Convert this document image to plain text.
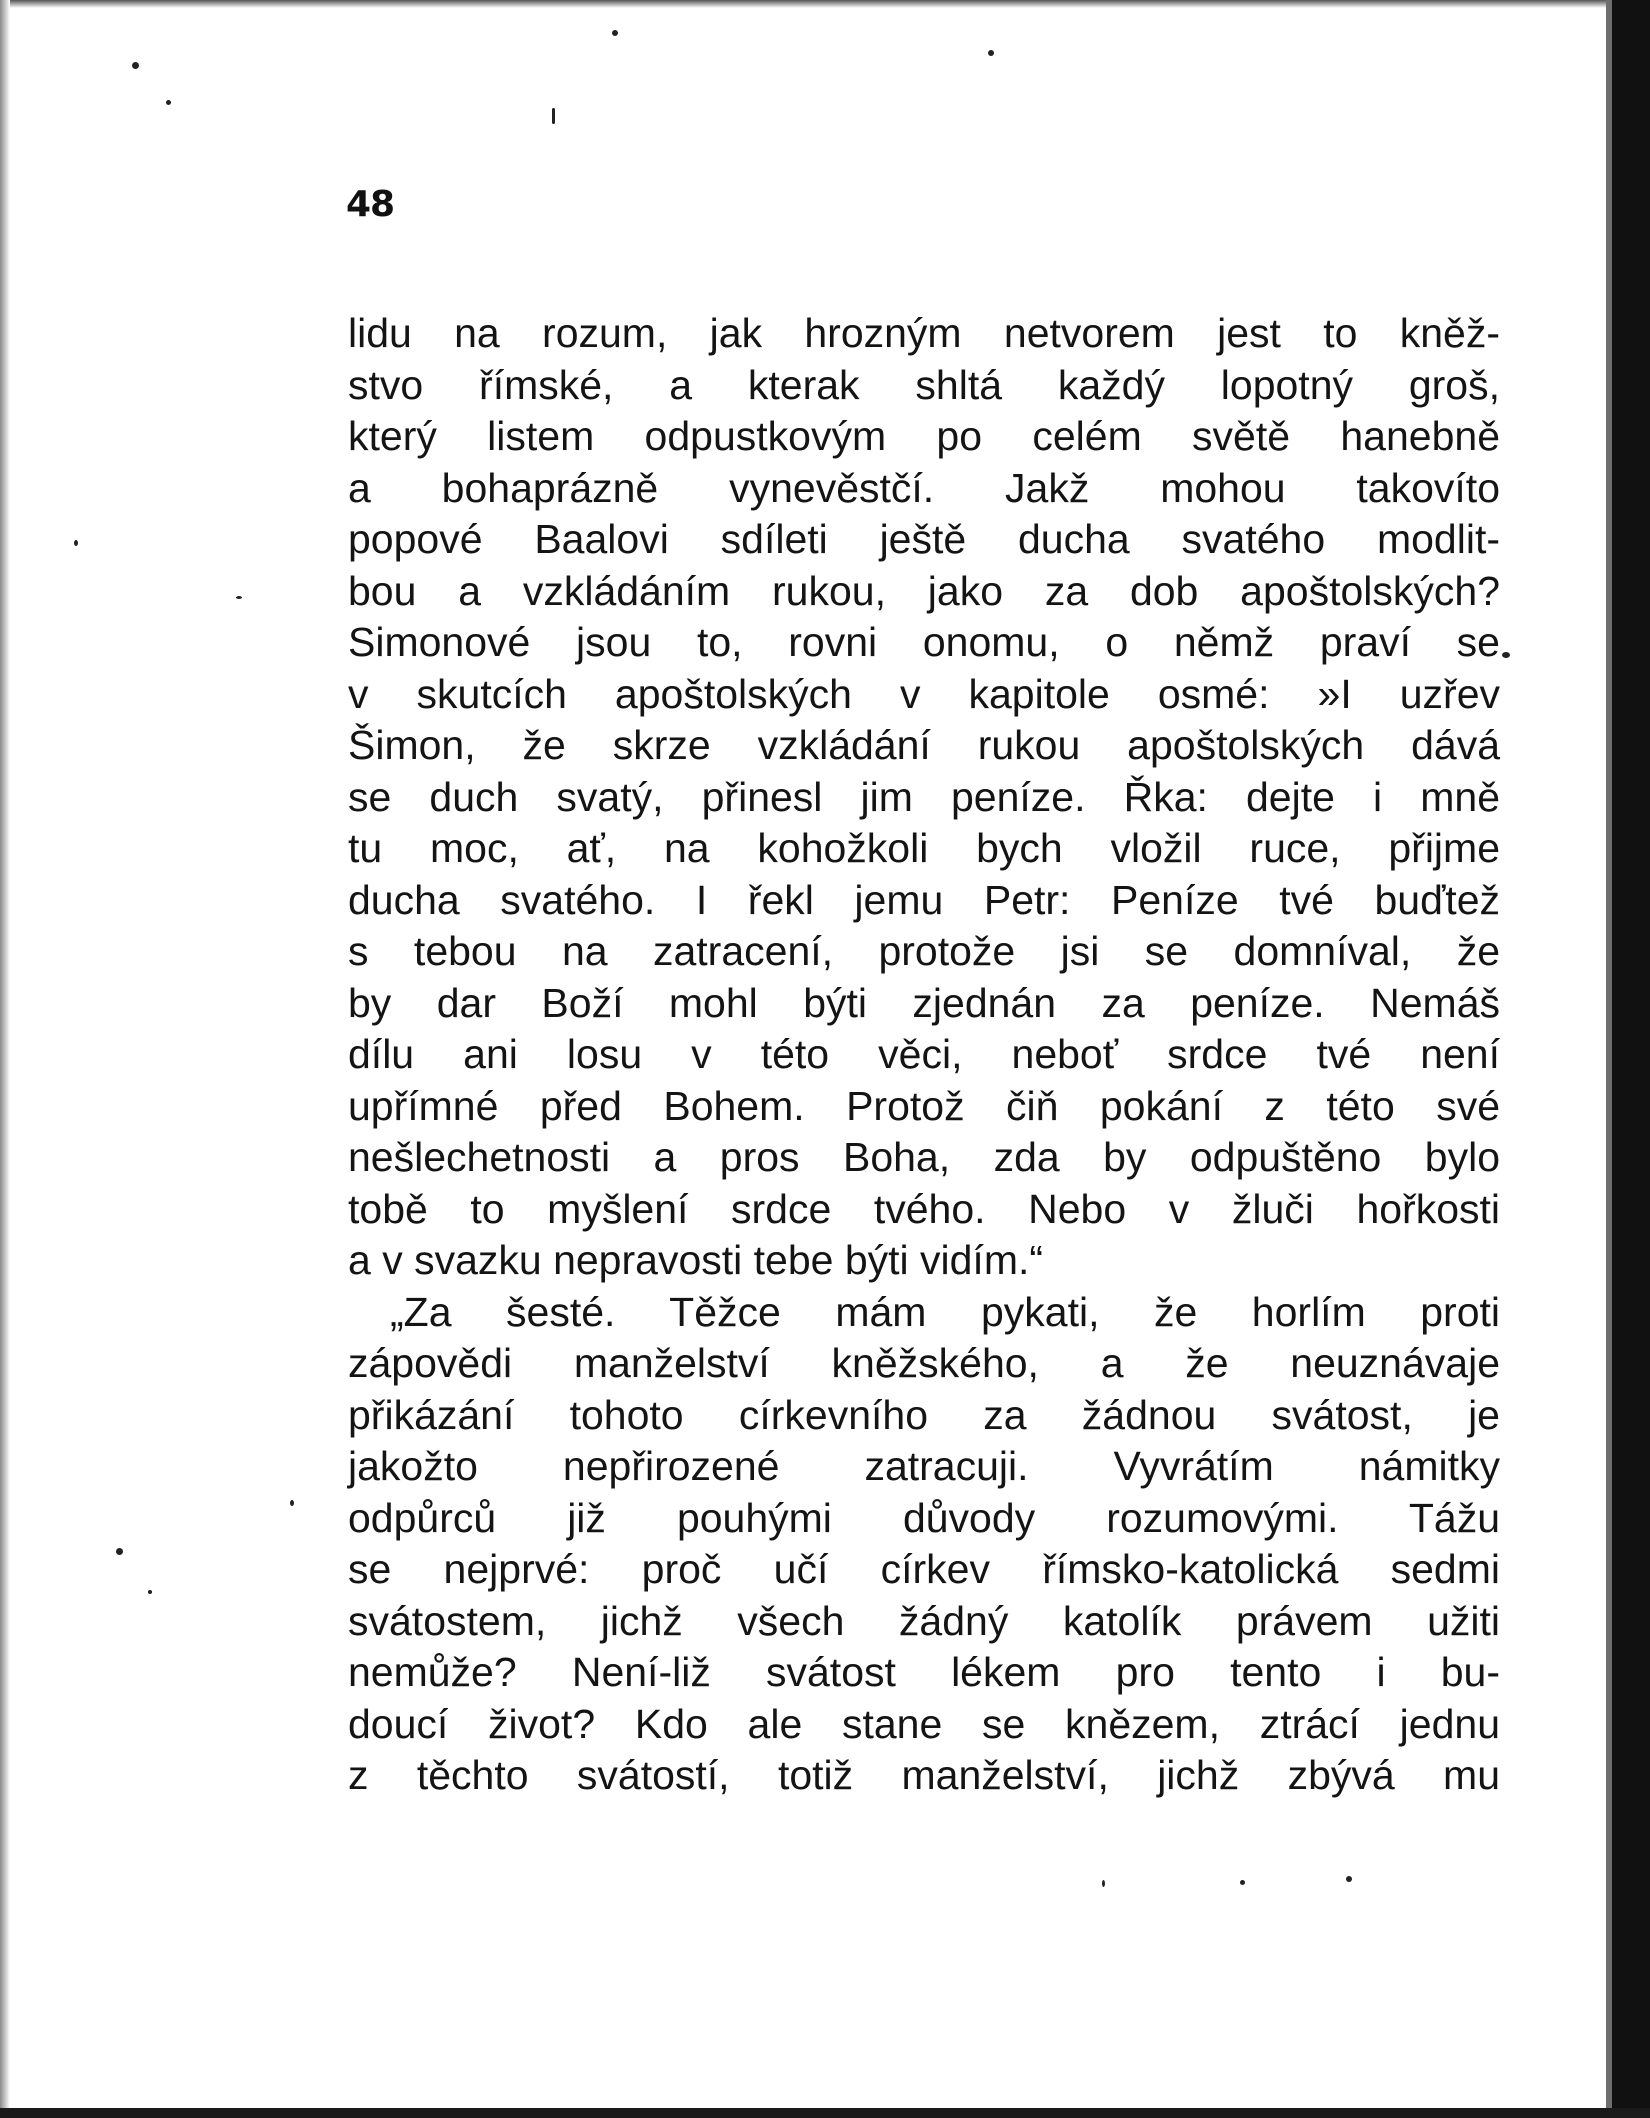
48
lidu na rozum, jak hrozným netvorem jest to kněž-
stvo římské, a kterak shltá každý lopotný groš,
který listem odpustkovým po celém světě hanebně
a bohaprázně vynevěstčí. Jakž mohou takovíto
popové Baalovi sdíleti ještě ducha svatého modlit-
bou a vzkládáním rukou, jako za dob apoštolských?
Simonové jsou to, rovni onomu, o němž praví se
v skutcích apoštolských v kapitole osmé: »I uzřev
Šimon, že skrze vzkládání rukou apoštolských dává
se duch svatý, přinesl jim peníze. Řka: dejte i mně
tu moc, ať, na kohožkoli bych vložil ruce, přijme
ducha svatého. I řekl jemu Petr: Peníze tvé buďtež
s tebou na zatracení, protože jsi se domníval, že
by dar Boží mohl býti zjednán za peníze. Nemáš
dílu ani losu v této věci, neboť srdce tvé není
upřímné před Bohem. Protož čiň pokání z této své
nešlechetnosti a pros Boha, zda by odpuštěno bylo
tobě to myšlení srdce tvého. Nebo v žluči hořkosti
a v svazku nepravosti tebe býti vidím.“
„Za šesté. Těžce mám pykati, že horlím proti
zápovědi manželství kněžského, a že neuznávaje
přikázání tohoto církevního za žádnou svátost, je
jakožto nepřirozené zatracuji. Vyvrátím námitky
odpůrců již pouhými důvody rozumovými. Tážu
se nejprvé: proč učí církev římsko-katolická sedmi
svátostem, jichž všech žádný katolík právem užiti
nemůže? Není-liž svátost lékem pro tento i bu-
doucí život? Kdo ale stane se knězem, ztrácí jednu
z těchto svátostí, totiž manželství, jichž zbývá mu
